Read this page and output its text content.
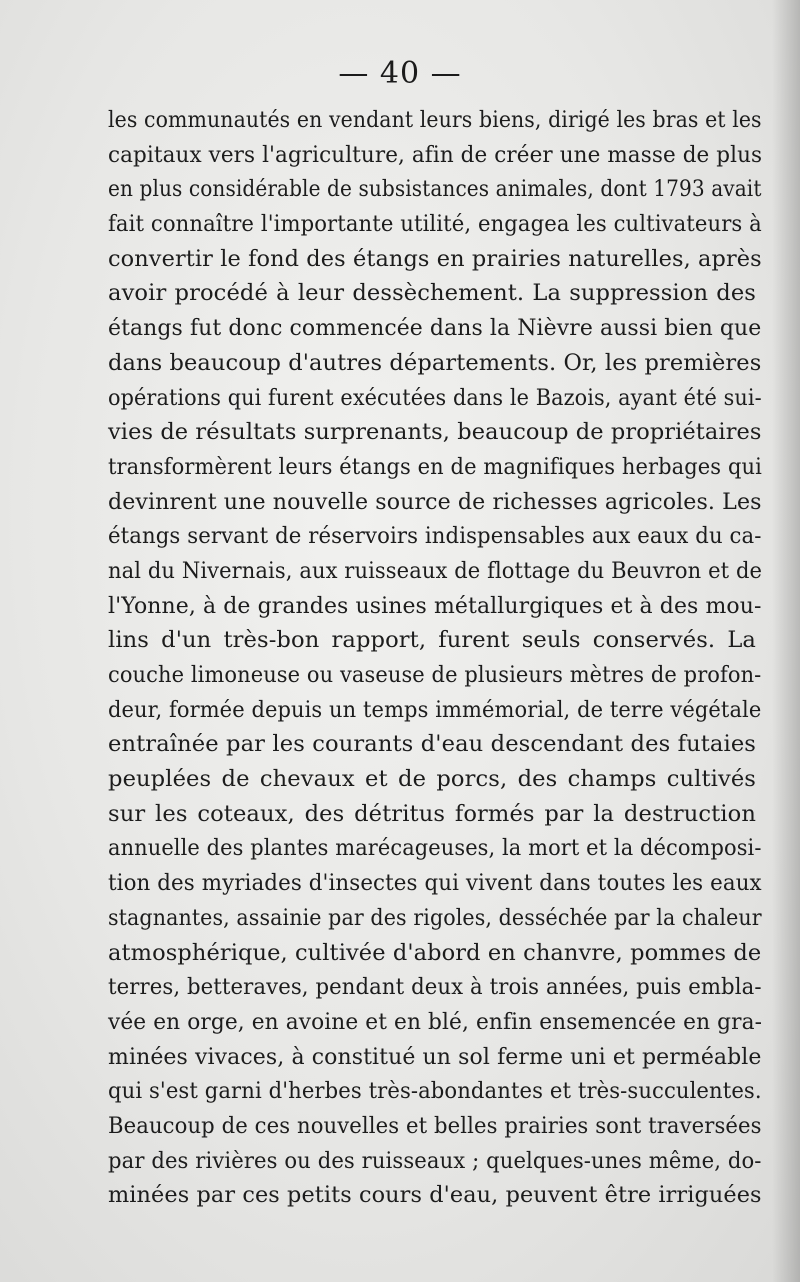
— 40 —
les communautés en vendant leurs biens, dirigé les bras et les
capitaux vers l'agriculture, afin de créer une masse de plus
en plus considérable de subsistances animales, dont 1793 avait
fait connaître l'importante utilité, engagea les cultivateurs à
convertir le fond des étangs en prairies naturelles, après
avoir procédé à leur dessèchement. La suppression des
étangs fut donc commencée dans la Nièvre aussi bien que
dans beaucoup d'autres départements. Or, les premières
opérations qui furent exécutées dans le Bazois, ayant été sui-
vies de résultats surprenants, beaucoup de propriétaires
transformèrent leurs étangs en de magnifiques herbages qui
devinrent une nouvelle source de richesses agricoles. Les
étangs servant de réservoirs indispensables aux eaux du ca-
nal du Nivernais, aux ruisseaux de flottage du Beuvron et de
l'Yonne, à de grandes usines métallurgiques et à des mou-
lins d'un très-bon rapport, furent seuls conservés. La
couche limoneuse ou vaseuse de plusieurs mètres de profon-
deur, formée depuis un temps immémorial, de terre végétale
entraînée par les courants d'eau descendant des futaies
peuplées de chevaux et de porcs, des champs cultivés
sur les coteaux, des détritus formés par la destruction
annuelle des plantes marécageuses, la mort et la décomposi-
tion des myriades d'insectes qui vivent dans toutes les eaux
stagnantes, assainie par des rigoles, desséchée par la chaleur
atmosphérique, cultivée d'abord en chanvre, pommes de
terres, betteraves, pendant deux à trois années, puis embla-
vée en orge, en avoine et en blé, enfin ensemencée en gra-
minées vivaces, à constitué un sol ferme uni et perméable
qui s'est garni d'herbes très-abondantes et très-succulentes.
Beaucoup de ces nouvelles et belles prairies sont traversées
par des rivières ou des ruisseaux ; quelques-unes même, do-
minées par ces petits cours d'eau, peuvent être irriguées
